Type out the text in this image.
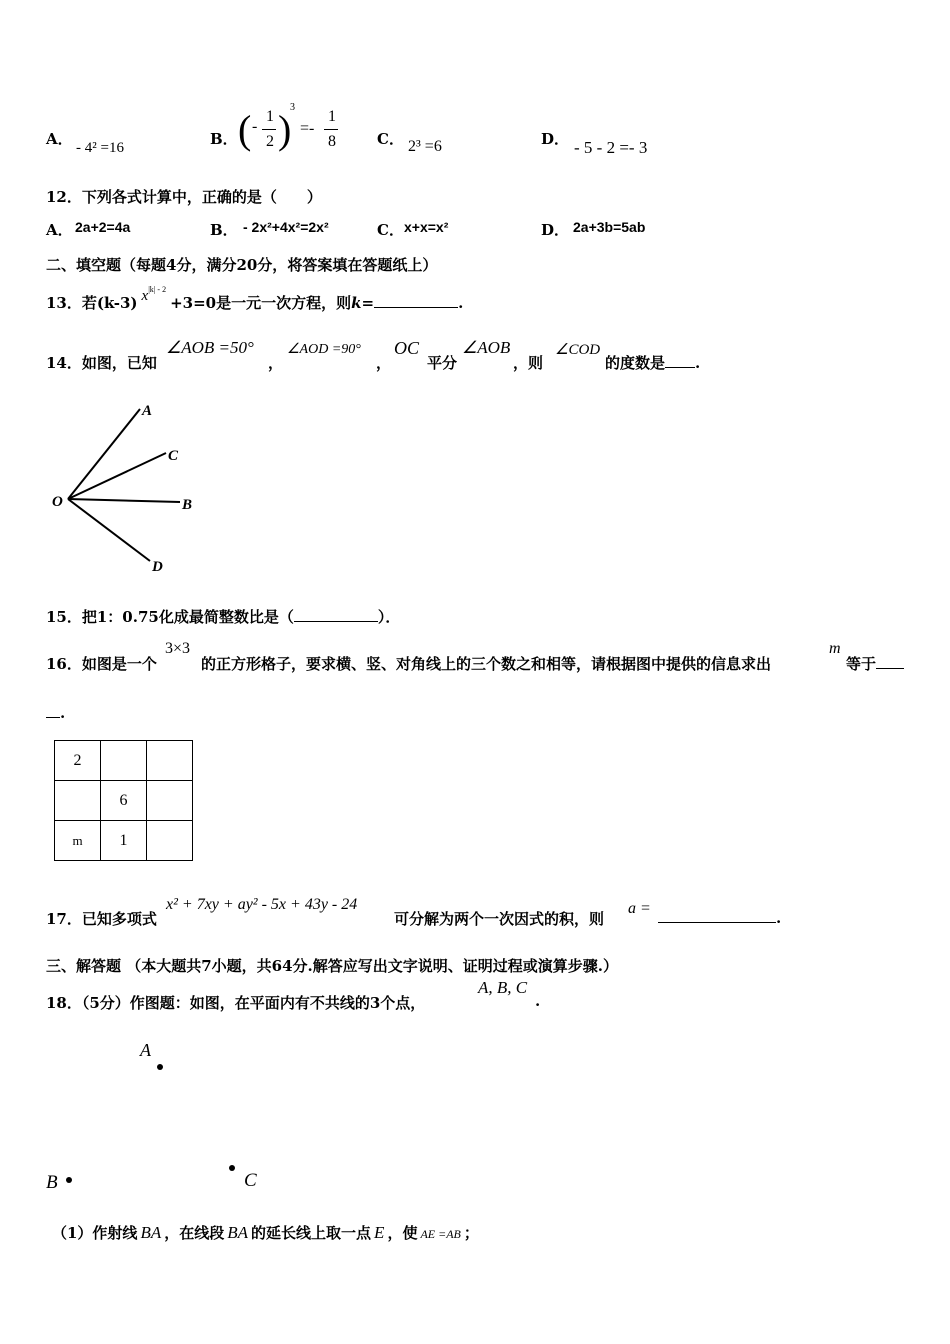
A． - 4² =16	B． ( -
1
2 )
3
=-
1
8	C． 2³ =6	D． - 5 - 2 =- 3
12．下列各式计算中，正确的是（　　）
A． 2a+2=4a	B． - 2x²+4x²=2x²	C． x+x=x²	D． 2a+3b=5ab
二、填空题（每题4分，满分20分，将答案填在答题纸上）
13．若(k-3) $x^{|k| - 2}+3=0$是一元一次方程，则k=	.
14．如图，已知
∠AOB =50°
，
∠AOD =90°
，
OC
平分
∠AOB
，则
∠COD
的度数是 .
O
A
C
B
D
15．把1：0.75化成最简整数比是（	）．
16．如图是一个
3×3
的正方形格子，要求横、竖、对角线上的三个数之和相等，请根据图中提供的信息求出
m
等于
.
2		
	6	
m	1	
17．已知多项式
x² + 7xy + ay² - 5x + 43y - 24
可分解为两个一次因式的积，则
a =
.
三、解答题 （本大题共7小题，共64分.解答应写出文字说明、证明过程或演算步骤.）
18．（5分）作图题：如图，在平面内有不共线的3个点，
A, B, C
.
A
B	C
（1）作射线 BA ，在线段 BA 的延长线上取一点 E ，使 AE =AB ；
